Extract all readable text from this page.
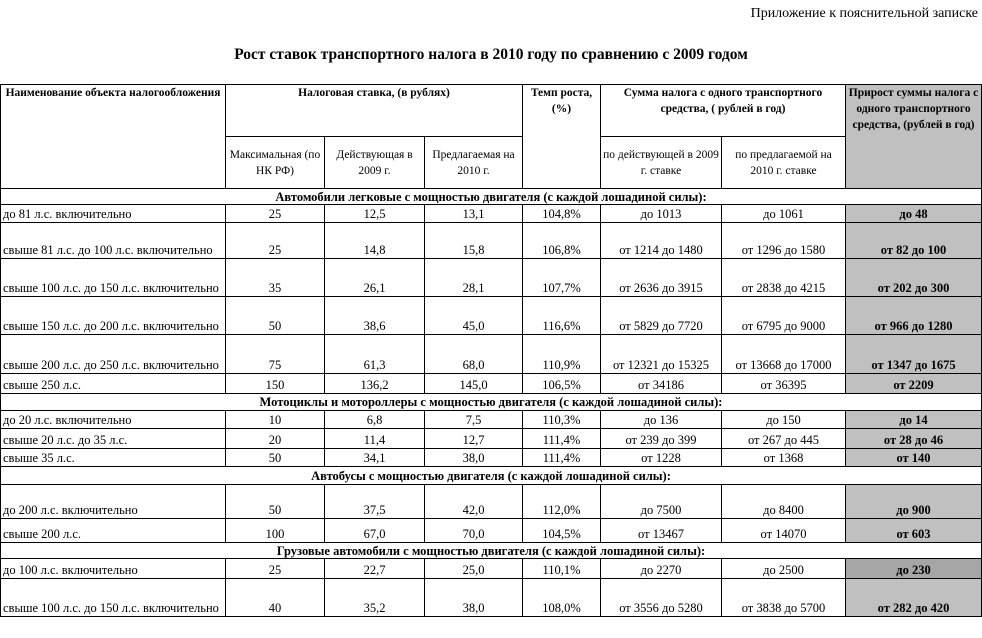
Приложение к пояснительной записке
Рост ставок транспортного налога в 2010 году по сравнению с 2009 годом
Наименование объекта налогообложения	Налоговая ставка, (в рублях)			Темп роста, (%)	Сумма налога с одного транспортного средства, ( рублей в год)		Прирост суммы налога с одного транспортного средства, (рублей в год)
	Максимальная (по НК РФ)	Действующая в 2009 г.	Предлагаемая на 2010 г.		по действующей в 2009 г. ставке	по предлагаемой на 2010 г. ставке	
Автомобили легковые с мощностью двигателя (с каждой лошадиной силы):							
до 81 л.с. включительно	25	12,5	13,1	104,8%	до 1013	до 1061	до 48
свыше 81 л.с. до 100 л.с. включительно	25	14,8	15,8	106,8%	от 1214 до 1480	от 1296 до 1580	от 82 до 100
свыше 100 л.с. до 150 л.с. включительно	35	26,1	28,1	107,7%	от 2636 до 3915	от 2838 до 4215	от 202 до 300
свыше 150 л.с. до 200 л.с. включительно	50	38,6	45,0	116,6%	от 5829 до 7720	от 6795 до 9000	от 966 до 1280
свыше 200 л.с. до 250 л.с. включительно	75	61,3	68,0	110,9%	от 12321 до 15325	от 13668 до 17000	от 1347 до 1675
свыше 250 л.с.	150	136,2	145,0	106,5%	от 34186	от 36395	от 2209
Мотоциклы и мотороллеры с мощностью двигателя (с каждой лошадиной силы):							
до 20 л.с. включительно	10	6,8	7,5	110,3%	до 136	до 150	до 14
свыше 20 л.с. до 35 л.с.	20	11,4	12,7	111,4%	от 239 до 399	от 267 до 445	от 28 до 46
свыше 35 л.с.	50	34,1	38,0	111,4%	от 1228	от 1368	от 140
Автобусы с мощностью двигателя (с каждой лошадиной силы):							
до 200 л.с. включительно	50	37,5	42,0	112,0%	до 7500	до 8400	до 900
свыше 200 л.с.	100	67,0	70,0	104,5%	от 13467	от 14070	от 603
Грузовые автомобили с мощностью двигателя (с каждой лошадиной силы):							
до 100 л.с. включительно	25	22,7	25,0	110,1%	до 2270	до 2500	до 230
свыше 100 л.с. до 150 л.с. включительно	40	35,2	38,0	108,0%	от 3556 до 5280	от 3838 до 5700	от 282 до 420
